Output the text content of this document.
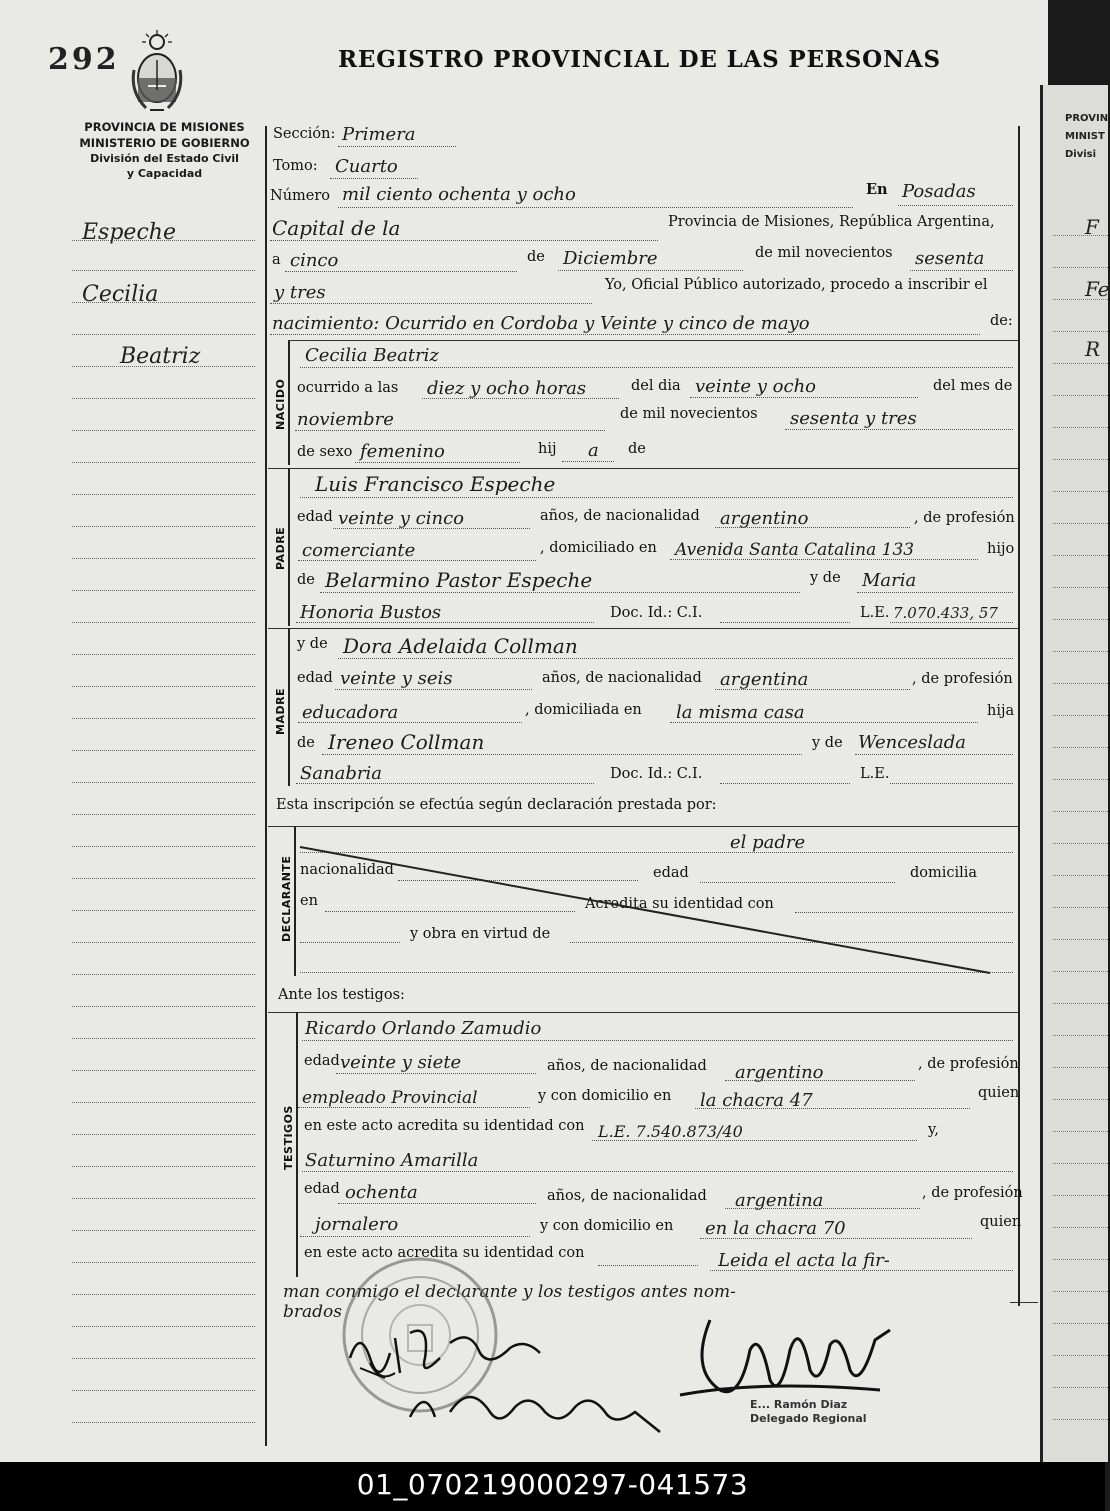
292	REGISTRO PROVINCIAL DE LAS PERSONAS
PROVINCIA DE MISIONES
MINISTERIO DE GOBIERNO
División del Estado Civil
y Capacidad
Espeche
Cecilia
Beatriz
Sección: Primera
Tomo: Cuarto
Número mil ciento ochenta y ocho	En Posadas
Capital de la	Provincia de Misiones, República Argentina,
a cinco	de Diciembre	de mil novecientos sesenta
y tres	Yo, Oficial Público autorizado, procedo a inscribir el
nacimiento: Ocurrido en Cordoba y Veinte y cinco de mayo	de:
NACIDO
Cecilia Beatriz
ocurrido a las diez y ocho horas	del dia veinte y ocho	del mes de
noviembre	de mil novecientos sesenta y tres
de sexo femenino	hij a de
PADRE
Luis Francisco Espeche
edad veinte y cinco	años, de nacionalidad argentino	, de profesión
comerciante	, domiciliado en Avenida Santa Catalina 133	hijo
de Belarmino Pastor Espeche	y de Maria
Honoria Bustos	Doc. Id.: C.I.	L.E. 7.070.433, 57
MADRE
y de Dora Adelaida Collman
edad veinte y seis	años, de nacionalidad argentina	, de profesión
educadora	, domiciliada en la misma casa	hija
de Ireneo Collman	y de Wenceslada
Sanabria	Doc. Id.: C.I.	L.E.
Esta inscripción se efectúa según declaración prestada por:
DECLARANTE
el padre
nacionalidad	edad	domicilia
en	Acredita su identidad con
y obra en virtud de
Ante los testigos:
TESTIGOS
Ricardo Orlando Zamudio
edad veinte y siete	años, de nacionalidad argentino	, de profesión
empleado Provincial	y con domicilio en la chacra 47	quien
en este acto acredita su identidad con L.E. 7.540.873/40	y,
Saturnino Amarilla
edad ochenta	años, de nacionalidad argentina	, de profesión
jornalero	y con domicilio en en la chacra 70	quien
en este acto acredita su identidad con	Leida el acta la fir-
man conmigo el declarante y los testigos antes nom-
brados
E... Ramón Diaz
Delegado Regional
PROVIN
MINIST
Divisi
F
Fe
R
01_070219000297-041573
